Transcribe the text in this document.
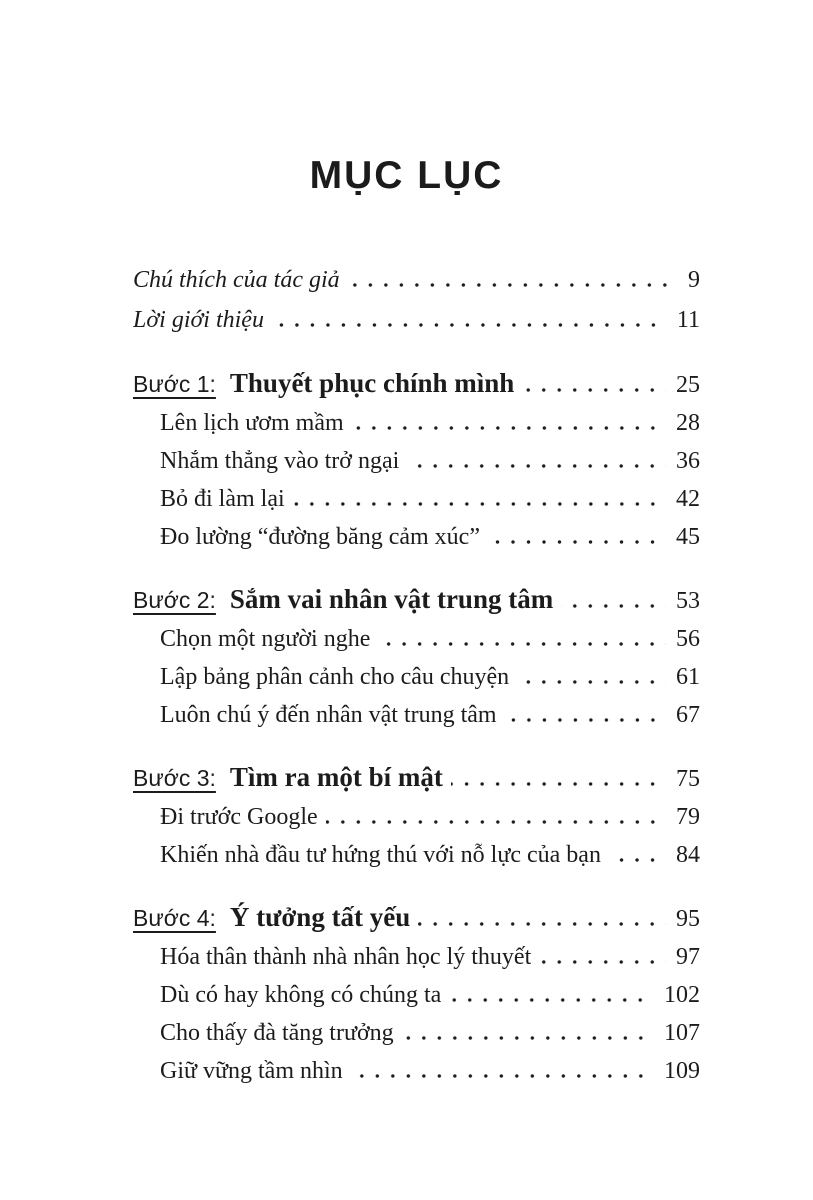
MỤC LỤC
Chú thích của tác giả	9
Lời giới thiệu	11
Bước 1: Thuyết phục chính mình	25
Lên lịch ươm mầm	28
Nhắm thẳng vào trở ngại	36
Bỏ đi làm lại	42
Đo lường “đường băng cảm xúc”	45
Bước 2: Sắm vai nhân vật trung tâm	53
Chọn một người nghe	56
Lập bảng phân cảnh cho câu chuyện	61
Luôn chú ý đến nhân vật trung tâm	67
Bước 3: Tìm ra một bí mật	75
Đi trước Google	79
Khiến nhà đầu tư hứng thú với nỗ lực của bạn	84
Bước 4: Ý tưởng tất yếu	95
Hóa thân thành nhà nhân học lý thuyết	97
Dù có hay không có chúng ta	102
Cho thấy đà tăng trưởng	107
Giữ vững tầm nhìn	109
